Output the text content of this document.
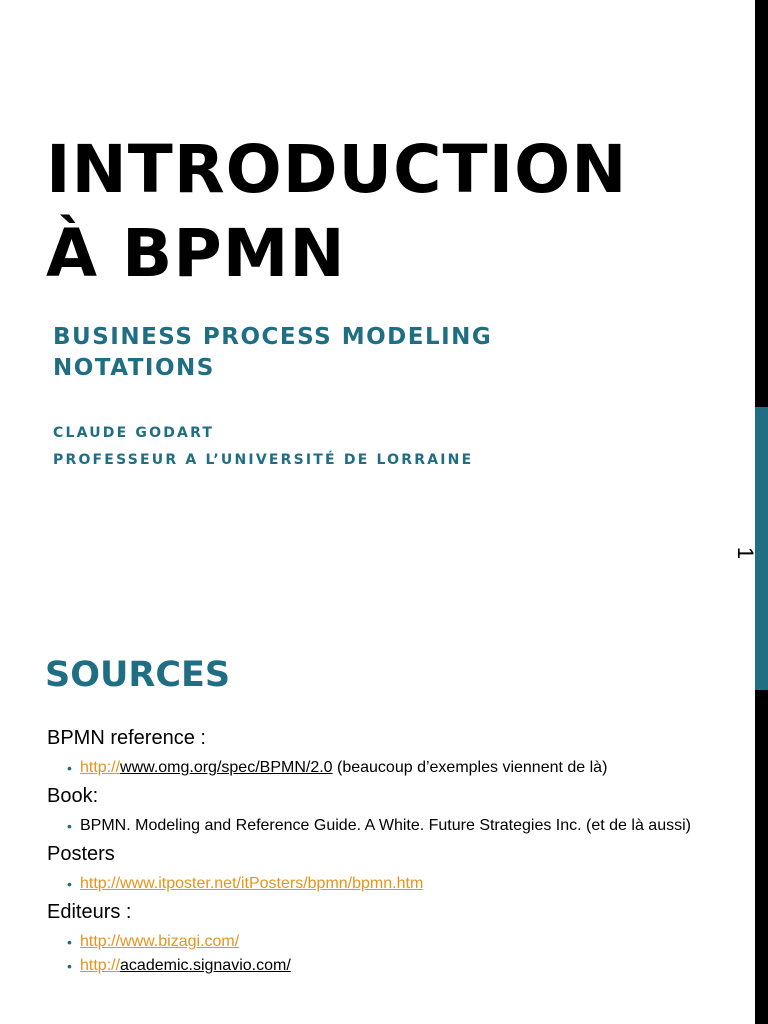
INTRODUCTION
À BPMN
BUSINESS PROCESS MODELING
NOTATIONS
CLAUDE GODART
PROFESSEUR A L’UNIVERSITÉ DE LORRAINE
SOURCES

BPMN reference :

• http://www.omg.org/spec/BPMN/2.0 (beaucoup d’exemples viennent de là)

Book:

• BPMN. Modeling and Reference Guide. A White. Future Strategies Inc. (et de là aussi)

Posters

• http://www.itposter.net/itPosters/bpmn/bpmn.htm

Editeurs :

• http://www.bizagi.com/
• http://academic.signavio.com/
1
